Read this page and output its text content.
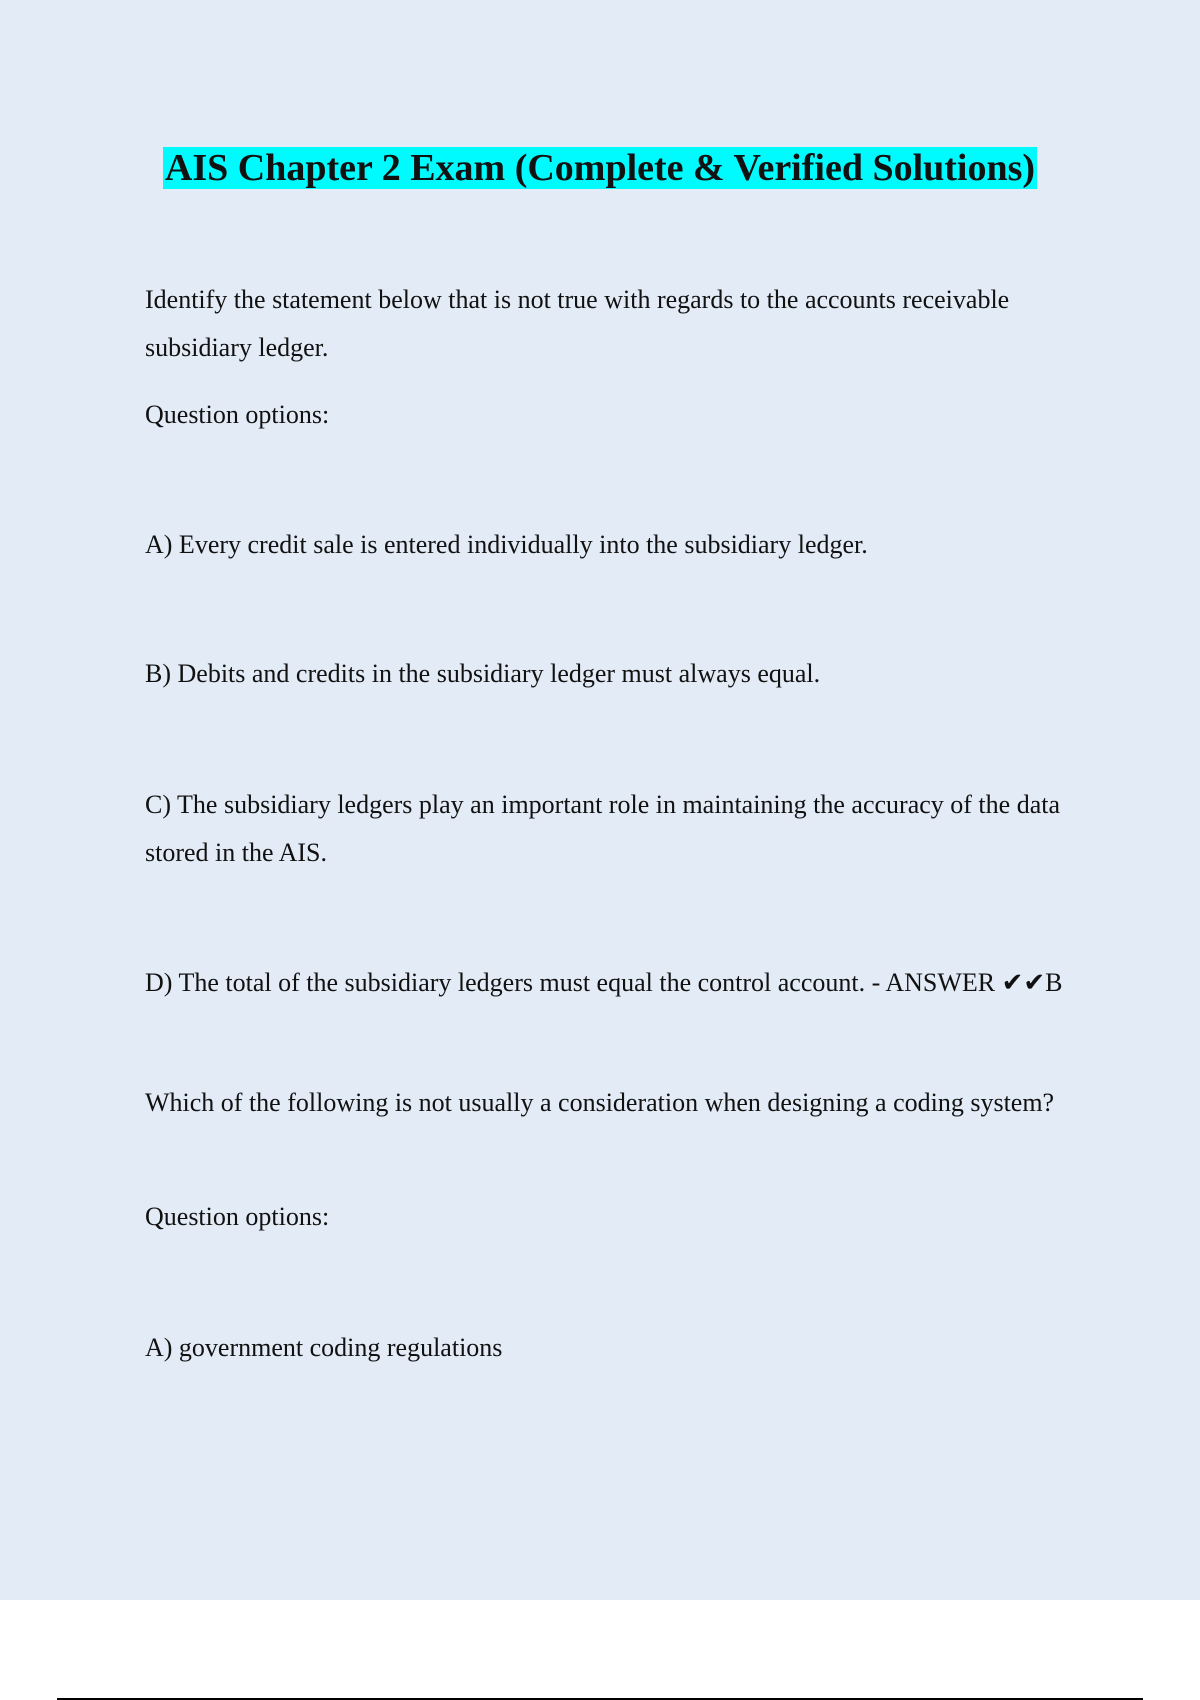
AIS Chapter 2 Exam (Complete & Verified Solutions)

Identify the statement below that is not true with regards to the accounts receivable subsidiary ledger.

Question options:

A) Every credit sale is entered individually into the subsidiary ledger.

B) Debits and credits in the subsidiary ledger must always equal.

C) The subsidiary ledgers play an important role in maintaining the accuracy of the data stored in the AIS.

D) The total of the subsidiary ledgers must equal the control account. - ANSWER ✔✔B

Which of the following is not usually a consideration when designing a coding system?

Question options:

A) government coding regulations
